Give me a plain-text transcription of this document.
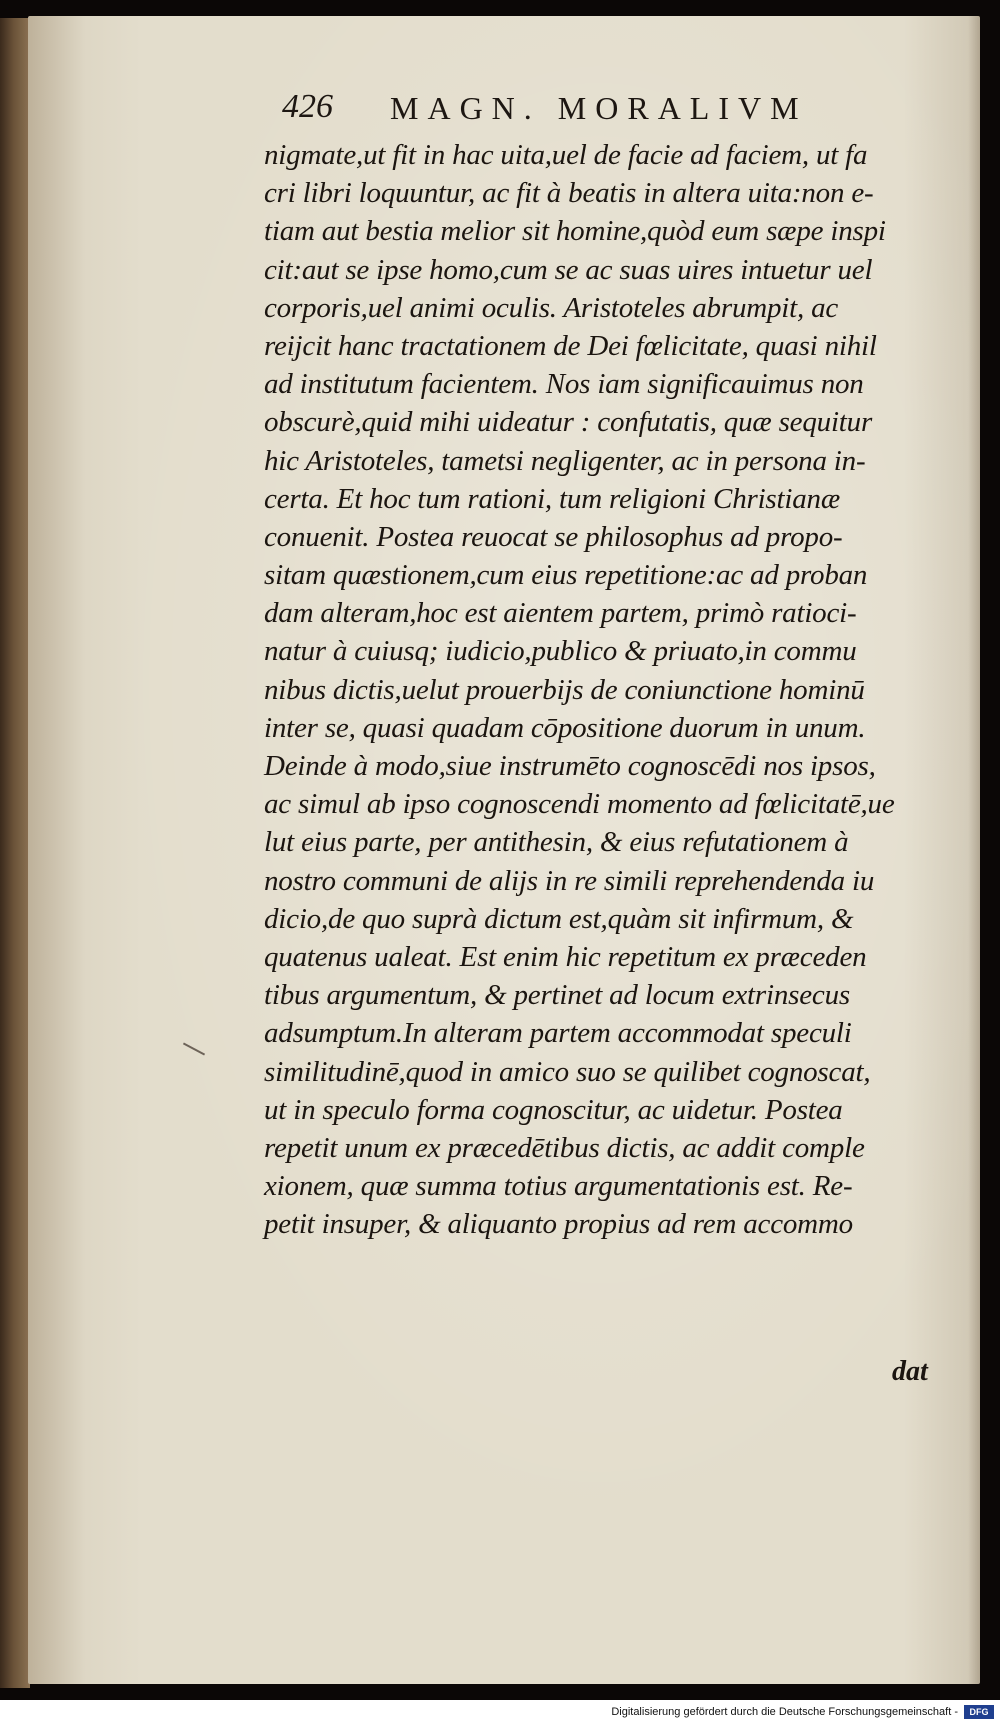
426 MAGN. MORALIVM
nigmate,ut fit in hac uita,uel de facie ad faciem, ut fa
cri libri loquuntur, ac fit à beatis in altera uita:non e-
tiam aut bestia melior sit homine,quòd eum sæpe inspi
cit:aut se ipse homo,cum se ac suas uires intuetur uel
corporis,uel animi oculis. Aristoteles abrumpit, ac
reijcit hanc tractationem de Dei fœlicitate, quasi nihil
ad institutum facientem. Nos iam significauimus non
obscurè,quid mihi uideatur : confutatis, quæ sequitur
hic Aristoteles, tametsi negligenter, ac in persona in-
certa. Et hoc tum rationi, tum religioni Christianæ
conuenit. Postea reuocat se philosophus ad propo-
sitam quæstionem,cum eius repetitione:ac ad proban
dam alteram,hoc est aientem partem, primò ratioci-
natur à cuiusq; iudicio,publico & priuato,in commu
nibus dictis,uelut prouerbijs de coniunctione hominū
inter se, quasi quadam cōpositione duorum in unum.
Deinde à modo,siue instrumēto cognoscēdi nos ipsos,
ac simul ab ipso cognoscendi momento ad fœlicitatē,ue
lut eius parte, per antithesin, & eius refutationem à
nostro communi de alijs in re simili reprehendenda iu
dicio,de quo suprà dictum est,quàm sit infirmum, &
quatenus ualeat. Est enim hic repetitum ex præceden
tibus argumentum, & pertinet ad locum extrinsecus
adsumptum.In alteram partem accommodat speculi
similitudinē,quod in amico suo se quilibet cognoscat,
ut in speculo forma cognoscitur, ac uidetur. Postea
repetit unum ex præcedētibus dictis, ac addit comple
xionem, quæ summa totius argumentationis est. Re-
petit insuper, & aliquanto propius ad rem accommo
dat
Digitalisierung gefördert durch die Deutsche Forschungsgemeinschaft -	DFG
